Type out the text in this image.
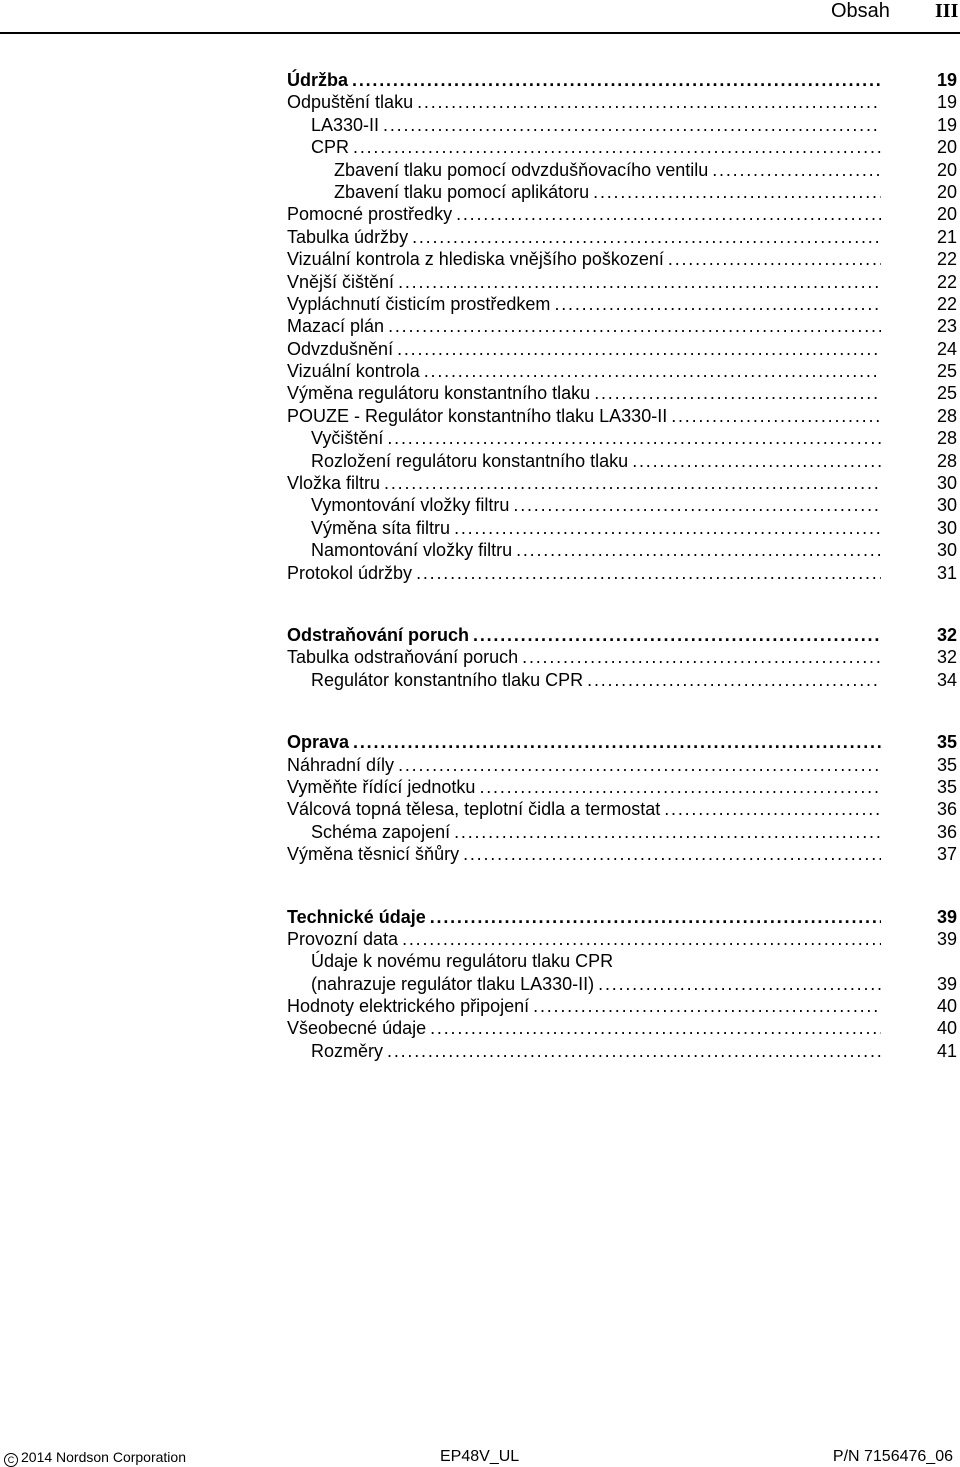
Obsah III
Údržba . . .	19
Odpuštění tlaku . . .	19
LA330-II . . .	19
CPR . . .	20
Zbavení tlaku pomocí odvzdušňovacího ventilu . . .	20
Zbavení tlaku pomocí aplikátoru . . .	20
Pomocné prostředky . . .	20
Tabulka údržby . . .	21
Vizuální kontrola z hlediska vnějšího poškození . . .	22
Vnější čištění . . .	22
Vypláchnutí čisticím prostředkem . . .	22
Mazací plán . . .	23
Odvzdušnění . . .	24
Vizuální kontrola . . .	25
Výměna regulátoru konstantního tlaku . . .	25
POUZE - Regulátor konstantního tlaku LA330-II . . .	28
Vyčištění . . .	28
Rozložení regulátoru konstantního tlaku . . .	28
Vložka filtru . . .	30
Vymontování vložky filtru . . .	30
Výměna síta filtru . . .	30
Namontování vložky filtru . . .	30
Protokol údržby . . .	31
Odstraňování poruch . . .	32
Tabulka odstraňování poruch . . .	32
Regulátor konstantního tlaku CPR . . .	34
Oprava . . .	35
Náhradní díly . . .	35
Vyměňte řídící jednotku . . .	35
Válcová topná tělesa, teplotní čidla a termostat . . .	36
Schéma zapojení . . .	36
Výměna těsnicí šňůry . . .	37
Technické údaje . . .	39
Provozní data . . .	39
Údaje k novému regulátoru tlaku CPR
(nahrazuje regulátor tlaku LA330-II) . . .	39
Hodnoty elektrického připojení . . .	40
Všeobecné údaje . . .	40
Rozměry . . .	41
C 2014 Nordson Corporation	EP48V_UL	P/N 7156476_06
